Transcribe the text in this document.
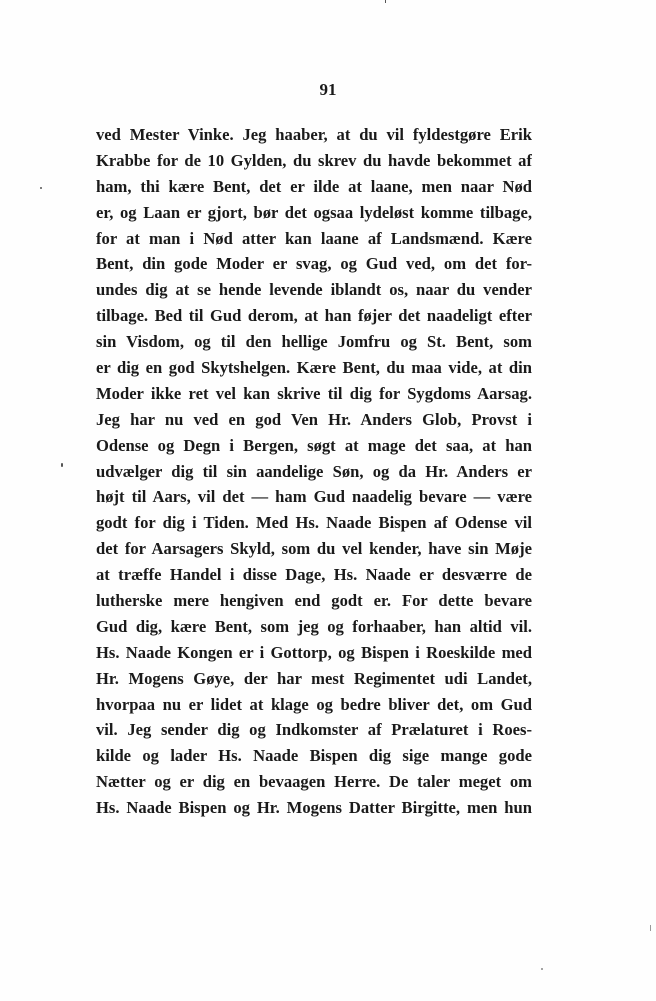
91
ved Mester Vinke. Jeg haaber, at du vil fyldestgøre Erik
Krabbe for de 10 Gylden, du skrev du havde bekommet af
ham, thi kære Bent, det er ilde at laane, men naar Nød
er, og Laan er gjort, bør det ogsaa lydeløst komme tilbage,
for at man i Nød atter kan laane af Landsmænd. Kære
Bent, din gode Moder er svag, og Gud ved, om det for-
undes dig at se hende levende iblandt os, naar du vender
tilbage. Bed til Gud derom, at han føjer det naadeligt efter
sin Visdom, og til den hellige Jomfru og St. Bent, som
er dig en god Skytshelgen. Kære Bent, du maa vide, at din
Moder ikke ret vel kan skrive til dig for Sygdoms Aarsag.
Jeg har nu ved en god Ven Hr. Anders Glob, Provst i
Odense og Degn i Bergen, søgt at mage det saa, at han
udvælger dig til sin aandelige Søn, og da Hr. Anders er
højt til Aars, vil det — ham Gud naadelig bevare — være
godt for dig i Tiden. Med Hs. Naade Bispen af Odense vil
det for Aarsagers Skyld, som du vel kender, have sin Møje
at træffe Handel i disse Dage, Hs. Naade er desværre de
lutherske mere hengiven end godt er. For dette bevare
Gud dig, kære Bent, som jeg og forhaaber, han altid vil.
Hs. Naade Kongen er i Gottorp, og Bispen i Roeskilde med
Hr. Mogens Gøye, der har mest Regimentet udi Landet,
hvorpaa nu er lidet at klage og bedre bliver det, om Gud
vil. Jeg sender dig og Indkomster af Prælaturet i Roes-
kilde og lader Hs. Naade Bispen dig sige mange gode
Nætter og er dig en bevaagen Herre. De taler meget om
Hs. Naade Bispen og Hr. Mogens Datter Birgitte, men hun
